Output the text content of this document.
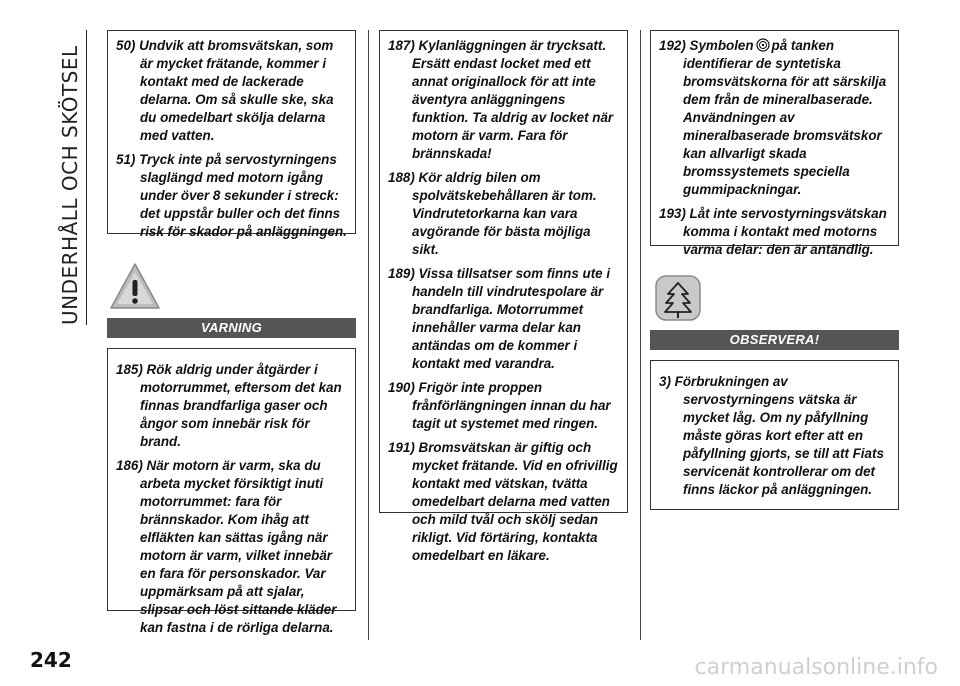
UNDERHÅLL OCH SKÖTSEL	50) Undvik att bromsvätskan, som är mycket frätande, kommer i kontakt med de lackerade delarna. Om så skulle ske, ska du omedelbart skölja delarna med vatten.
51) Tryck inte på servostyrningens slaglängd med motorn igång under över 8 sekunder i streck: det uppstår buller och det finns risk för skador på anläggningen.
VARNING
185) Rök aldrig under åtgärder i motorrummet, eftersom det kan finnas brandfarliga gaser och ångor som innebär risk för brand.
186) När motorn är varm, ska du arbeta mycket försiktigt inuti motorrummet: fara för brännskador. Kom ihåg att elfläkten kan sättas igång när motorn är varm, vilket innebär en fara för personskador. Var uppmärksam på att sjalar, slipsar och löst sittande kläder kan fastna i de rörliga delarna.
187) Kylanläggningen är trycksatt. Ersätt endast locket med ett annat originallock för att inte äventyra anläggningens funktion. Ta aldrig av locket när motorn är varm. Fara för brännskada!
188) Kör aldrig bilen om spolvätskebehållaren är tom. Vindrutetorkarna kan vara avgörande för bästa möjliga sikt.
189) Vissa tillsatser som finns ute i handeln till vindrutespolare är brandfarliga. Motorrummet innehåller varma delar kan antändas om de kommer i kontakt med varandra.
190) Frigör inte proppen frånförlängningen innan du har tagit ut systemet med ringen.
191) Bromsvätskan är giftig och mycket frätande. Vid en ofrivillig kontakt med vätskan, tvätta omedelbart delarna med vatten och mild tvål och skölj sedan rikligt. Vid förtäring, kontakta omedelbart en läkare.
192) Symbolen på tanken identifierar de syntetiska bromsvätskorna för att särskilja dem från de mineralbaserade. Användningen av mineralbaserade bromsvätskor kan allvarligt skada bromssystemets speciella gummipackningar.
193) Låt inte servostyrningsvätskan komma i kontakt med motorns varma delar: den är antändlig.
OBSERVERA!
3) Förbrukningen av servostyrningens vätska är mycket låg. Om ny påfyllning måste göras kort efter att en påfyllning gjorts, se till att Fiats servicenät kontrollerar om det finns läckor på anläggningen.
242	carmanualsonline.info
